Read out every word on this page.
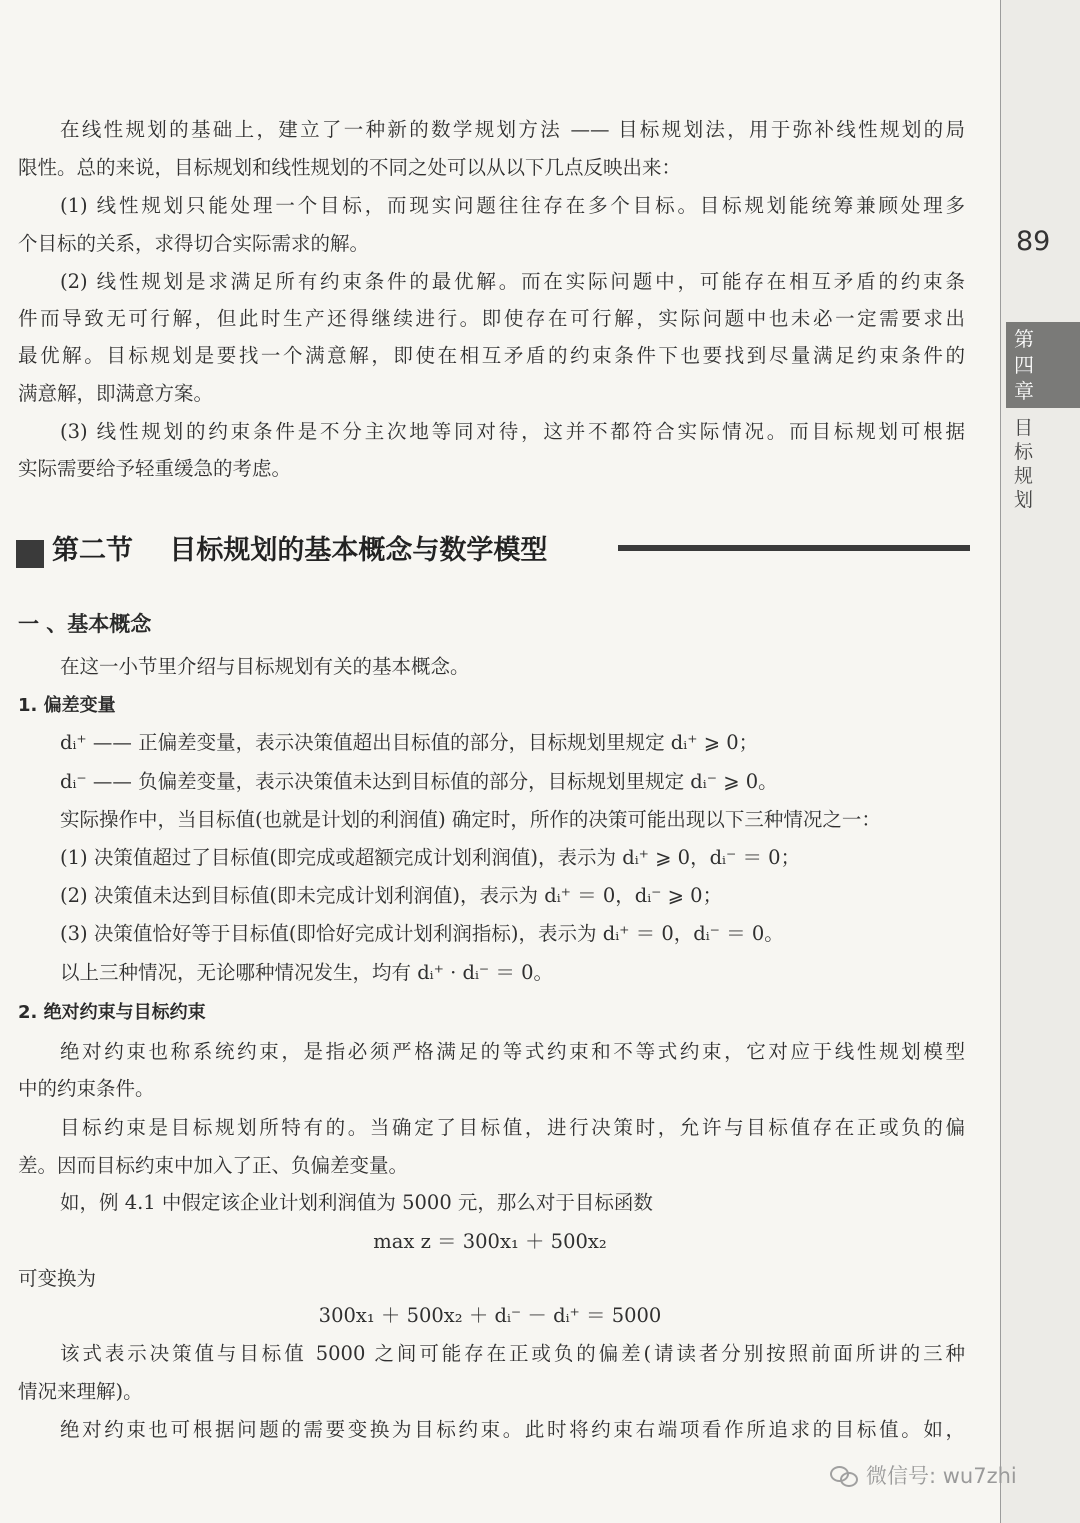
89
第四章
目标规划

在线性规划的基础上，建立了一种新的数学规划方法 —— 目标规划法，用于弥补线性规划的局

限性。总的来说，目标规划和线性规划的不同之处可以从以下几点反映出来：

(1) 线性规划只能处理一个目标，而现实问题往往存在多个目标。目标规划能统筹兼顾处理多

个目标的关系，求得切合实际需求的解。

(2) 线性规划是求满足所有约束条件的最优解。而在实际问题中，可能存在相互矛盾的约束条

件而导致无可行解，但此时生产还得继续进行。即使存在可行解，实际问题中也未必一定需要求出

最优解。目标规划是要找一个满意解，即使在相互矛盾的约束条件下也要找到尽量满足约束条件的

满意解，即满意方案。

(3) 线性规划的约束条件是不分主次地等同对待，这并不都符合实际情况。而目标规划可根据

实际需要给予轻重缓急的考虑。

第二节　 目标规划的基本概念与数学模型

一 、基本概念

在这一小节里介绍与目标规划有关的基本概念。

1. 偏差变量

dᵢ⁺ —— 正偏差变量，表示决策值超出目标值的部分，目标规划里规定 dᵢ⁺ ⩾ 0；

dᵢ⁻ —— 负偏差变量，表示决策值未达到目标值的部分，目标规划里规定 dᵢ⁻ ⩾ 0。

实际操作中，当目标值(也就是计划的利润值) 确定时，所作的决策可能出现以下三种情况之一：

(1) 决策值超过了目标值(即完成或超额完成计划利润值)，表示为 dᵢ⁺ ⩾ 0，dᵢ⁻ ＝ 0；

(2) 决策值未达到目标值(即未完成计划利润值)，表示为 dᵢ⁺ ＝ 0，dᵢ⁻ ⩾ 0；

(3) 决策值恰好等于目标值(即恰好完成计划利润指标)，表示为 dᵢ⁺ ＝ 0，dᵢ⁻ ＝ 0。

以上三种情况，无论哪种情况发生，均有 dᵢ⁺ · dᵢ⁻ ＝ 0。

2. 绝对约束与目标约束

绝对约束也称系统约束，是指必须严格满足的等式约束和不等式约束，它对应于线性规划模型

中的约束条件。

目标约束是目标规划所特有的。当确定了目标值，进行决策时，允许与目标值存在正或负的偏

差。因而目标约束中加入了正、负偏差变量。

如，例 4.1 中假定该企业计划利润值为 5000 元，那么对于目标函数

max z ＝ 300x₁ ＋ 500x₂

可变换为

300x₁ ＋ 500x₂ ＋ dᵢ⁻ － dᵢ⁺ ＝ 5000

该式表示决策值与目标值 5000 之间可能存在正或负的偏差(请读者分别按照前面所讲的三种

情况来理解)。

绝对约束也可根据问题的需要变换为目标约束。此时将约束右端项看作所追求的目标值。如，

微信号: wu7zhi
